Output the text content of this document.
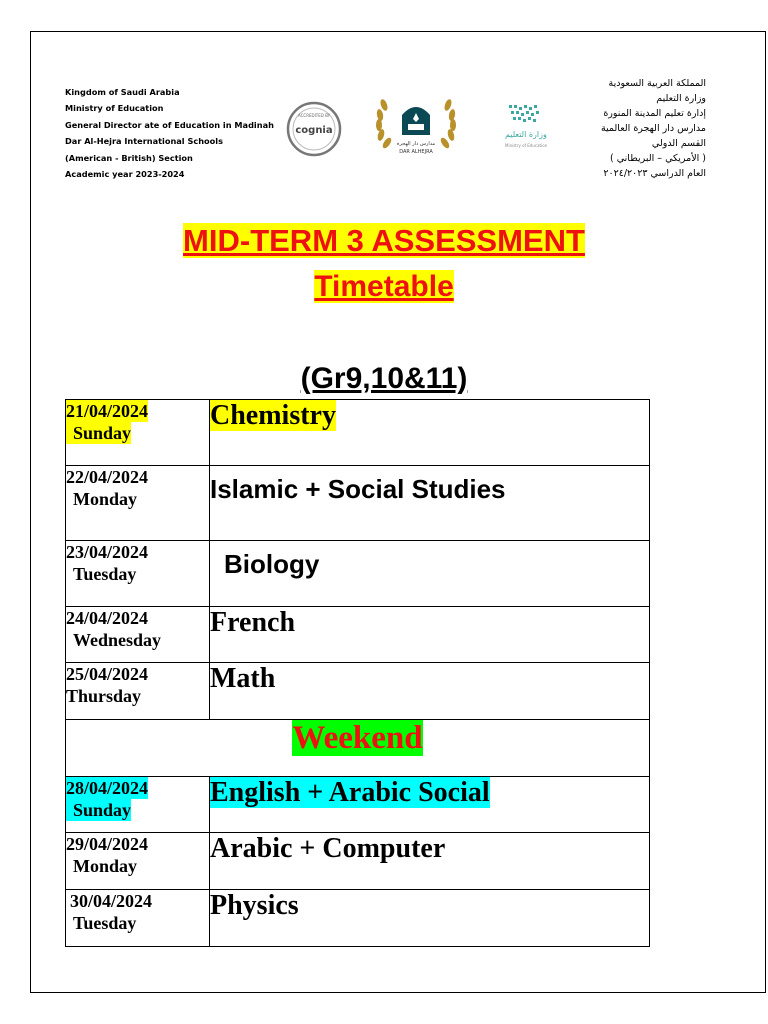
Kingdom of Saudi Arabia
Ministry of Education
General Director ate of Education in Madinah
Dar Al-Hejra International Schools
(American - British) Section
Academic year 2023-2024
المملكة العربية السعودية
وزارة التعليم
إدارة تعليم المدينة المنورة
مدارس دار الهجرة العالمية
القسم الدولي
( الأمريكي – البريطاني )
العام الدراسي ٢٠٢٤/٢٠٢٣
ACCREDITED BY
cognia
مدارس دار الهجرة
DAR ALHEJRA
وزارة التعليم
Ministry of Education
MID-TERM 3 ASSESSMENT
Timetable
(Gr9,10&11)
21/04/2024
Sunday	Chemistry
22/04/2024
Monday	Islamic + Social Studies
23/04/2024
Tuesday	Biology
24/04/2024
Wednesday	French
25/04/2024
Thursday	Math
Weekend	
28/04/2024
Sunday	English + Arabic Social
29/04/2024
Monday	Arabic + Computer
30/04/2024
Tuesday	Physics
